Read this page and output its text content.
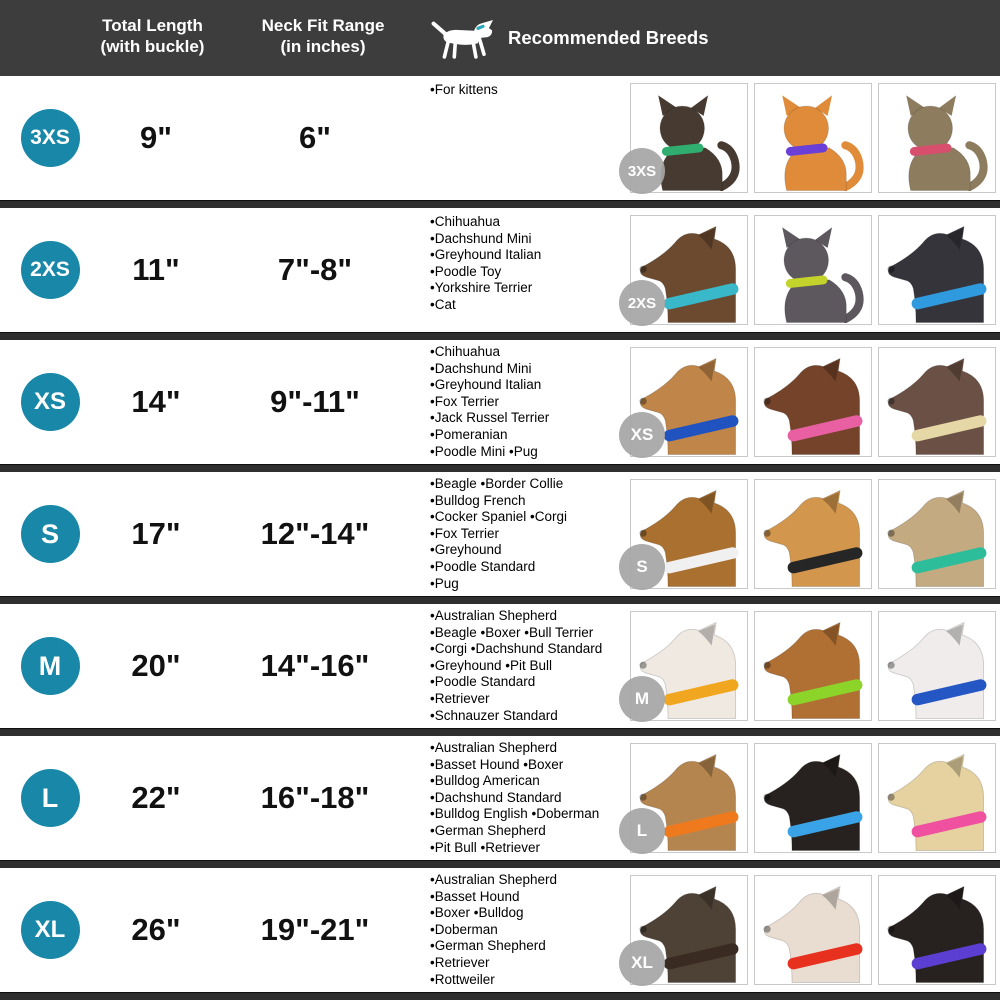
Total Length
(with buckle)
Neck Fit Range
(in inches)	Recommended Breeds
3XS	9"	6"
•For kittens
3XS
2XS	11"	7"-8"
•Chihuahua
•Dachshund Mini
•Greyhound Italian
•Poodle Toy
•Yorkshire Terrier
•Cat	2XS
XS	14"	9"-11"
•Chihuahua
•Dachshund Mini
•Greyhound Italian
•Fox Terrier
•Jack Russel Terrier
•Pomeranian
•Poodle Mini •Pug
XS
S	17"	12"-14"
•Beagle •Border Collie
•Bulldog French
•Cocker Spaniel •Corgi
•Fox Terrier
•Greyhound
•Poodle Standard
•Pug
S
M	20"	14"-16"
•Australian Shepherd
•Beagle •Boxer •Bull Terrier
•Corgi •Dachshund Standard
•Greyhound •Pit Bull
•Poodle Standard
•Retriever
•Schnauzer Standard
M
L	22"	16"-18"
•Australian Shepherd
•Basset Hound •Boxer
•Bulldog American
•Dachshund Standard
•Bulldog English •Doberman
•German Shepherd
•Pit Bull •Retriever
L
XL	26"	19"-21"
•Australian Shepherd
•Basset Hound
•Boxer •Bulldog
•Doberman
•German Shepherd
•Retriever
•Rottweiler
XL
